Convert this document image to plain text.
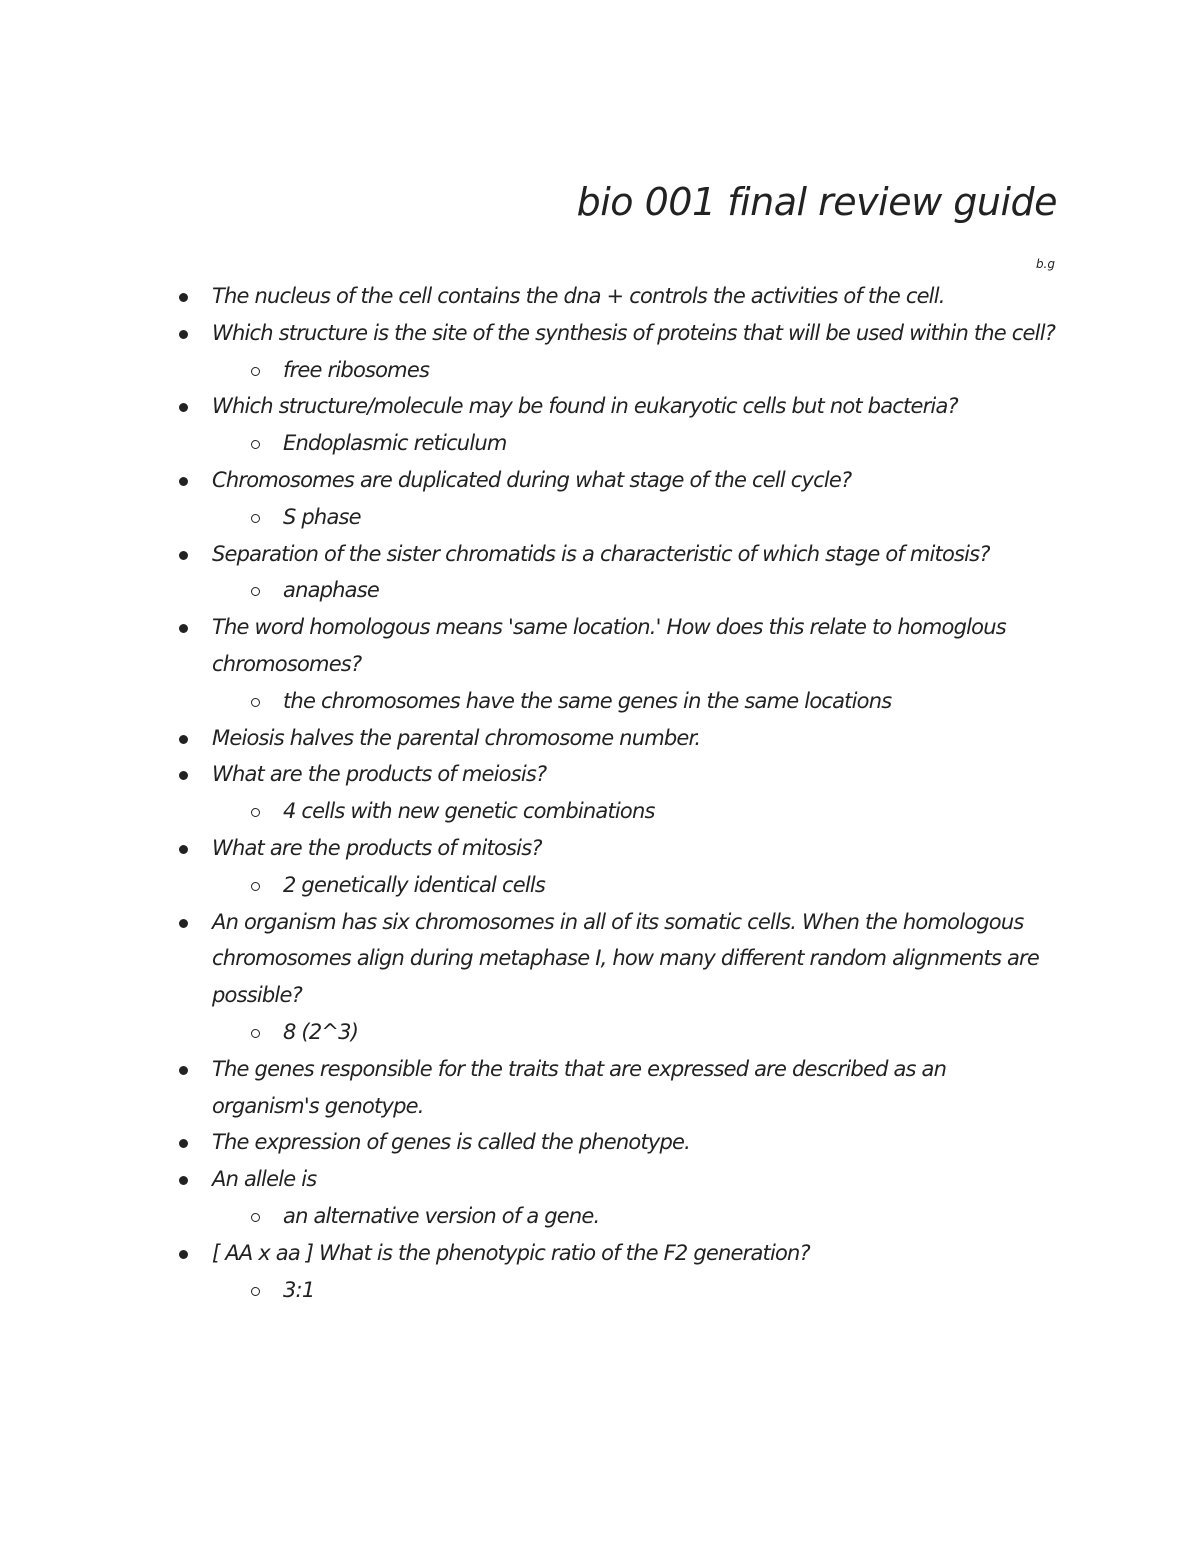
bio 001 final review guide
b.g
The nucleus of the cell contains the dna + controls the activities of the cell.
Which structure is the site of the synthesis of proteins that will be used within the cell?
free ribosomes
Which structure/molecule may be found in eukaryotic cells but not bacteria?
Endoplasmic reticulum
Chromosomes are duplicated during what stage of the cell cycle?
S phase
Separation of the sister chromatids is a characteristic of which stage of mitosis?
anaphase
The word homologous means 'same location.' How does this relate to homoglous chromosomes?
the chromosomes have the same genes in the same locations
Meiosis halves the parental chromosome number.
What are the products of meiosis?
4 cells with new genetic combinations
What are the products of mitosis?
2 genetically identical cells
An organism has six chromosomes in all of its somatic cells. When the homologous chromosomes align during metaphase I, how many different random alignments are possible?
8 (2^3)
The genes responsible for the traits that are expressed are described as an organism's genotype.
The expression of genes is called the phenotype.
An allele is
an alternative version of a gene.
[ AA x aa ] What is the phenotypic ratio of the F2 generation?
3:1
